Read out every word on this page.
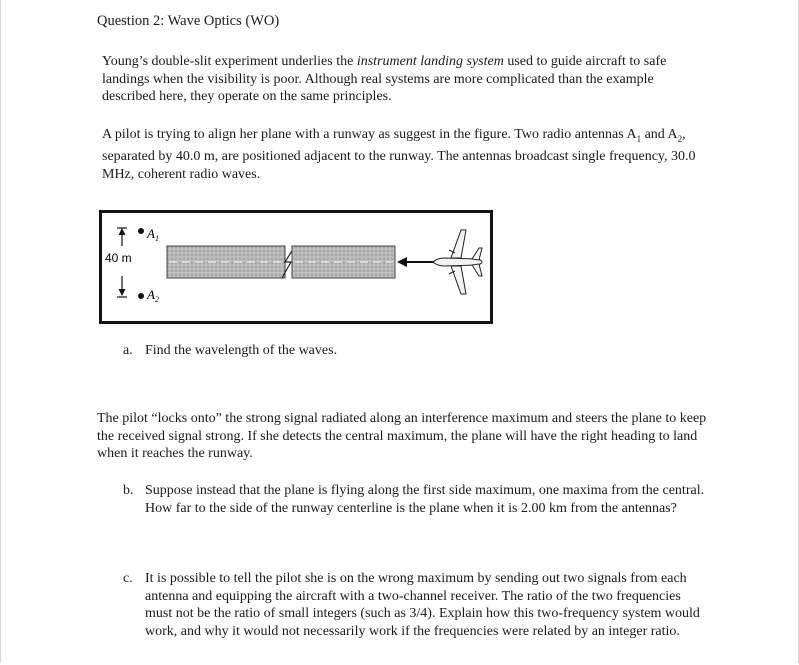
Question 2: Wave Optics (WO)

Young’s double-slit experiment underlies the instrument landing system used to guide aircraft to safe landings when the visibility is poor. Although real systems are more complicated than the example described here, they operate on the same principles.

A pilot is trying to align her plane with a runway as suggest in the figure. Two radio antennas $A_1$ and $A_2$, separated by 40.0 m, are positioned adjacent to the runway. The antennas broadcast single frequency, 30.0 MHz, coherent radio waves.

$A_1$
$A_2$
40 m
a. Find the wavelength of the waves.

The pilot “locks onto” the strong signal radiated along an interference maximum and steers the plane to keep the received signal strong. If she detects the central maximum, the plane will have the right heading to land when it reaches the runway.

b. Suppose instead that the plane is flying along the first side maximum, one maxima from the central. How far to the side of the runway centerline is the plane when it is 2.00 km from the antennas?
c. It is possible to tell the pilot she is on the wrong maximum by sending out two signals from each antenna and equipping the aircraft with a two-channel receiver. The ratio of the two frequencies must not be the ratio of small integers (such as 3/4). Explain how this two-frequency system would work, and why it would not necessarily work if the frequencies were related by an integer ratio.
